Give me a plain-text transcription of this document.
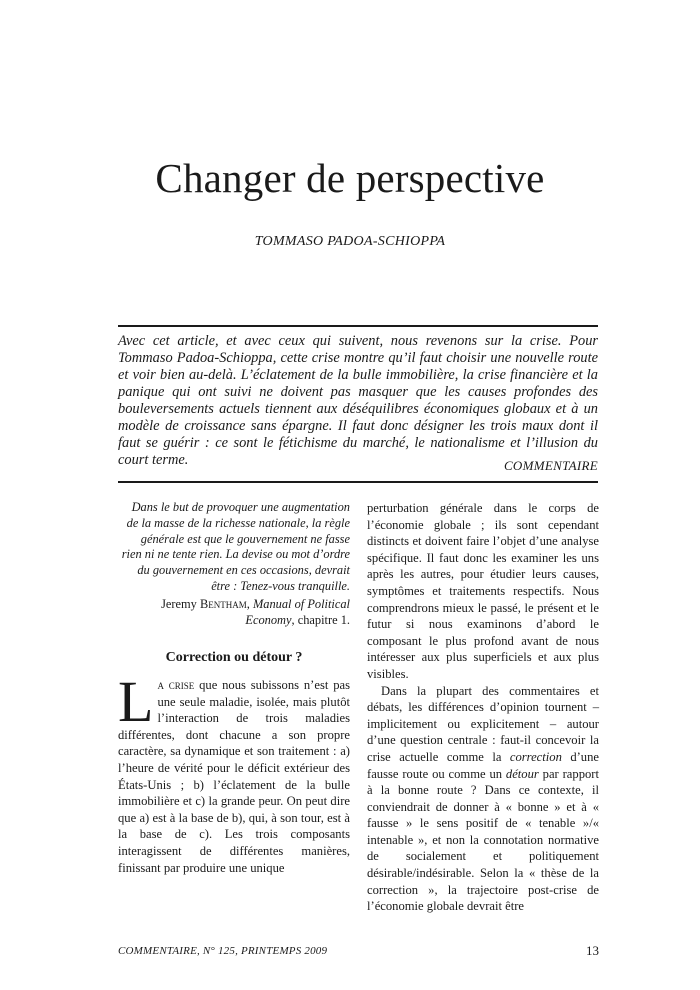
Changer de perspective
TOMMASO PADOA-SCHIOPPA

Avec cet article, et avec ceux qui suivent, nous revenons sur la crise. Pour Tommaso Padoa-Schioppa, cette crise montre qu’il faut choisir une nouvelle route et voir bien au-delà. L’éclatement de la bulle immobilière, la crise financière et la panique qui ont suivi ne doivent pas masquer que les causes profondes des bouleversements actuels tiennent aux déséquilibres économiques globaux et à un modèle de croissance sans épargne. Il faut donc désigner les trois maux dont il faut se guérir : ce sont le fétichisme du marché, le nationalisme et l’illusion du court terme.	COMMENTAIRE

Dans le but de provoquer une augmentation de la masse de la richesse nationale, la règle générale est que le gouvernement ne fasse rien ni ne tente rien. La devise ou mot d’ordre du gouvernement en ces occasions, devrait être : Tenez-vous tranquille.

Jeremy Bentham, Manual of Political Economy, chapitre 1.

Correction ou détour ?

La crise que nous subissons n’est pas une seule maladie, isolée, mais plutôt l’interaction de trois maladies différentes, dont chacune a son propre caractère, sa dynamique et son traitement : a) l’heure de vérité pour le déficit extérieur des États-Unis ; b) l’éclatement de la bulle immobilière et c) la grande peur. On peut dire que a) est à la base de b), qui, à son tour, est à la base de c). Les trois composants interagissent de différentes manières, finissant par produire une unique

perturbation générale dans le corps de l’économie globale ; ils sont cependant distincts et doivent faire l’objet d’une analyse spécifique. Il faut donc les examiner les uns après les autres, pour étudier leurs causes, symptômes et traitements respectifs. Nous comprendrons mieux le passé, le présent et le futur si nous examinons d’abord le composant le plus profond avant de nous intéresser aux plus superficiels et aux plus visibles.

Dans la plupart des commentaires et débats, les différences d’opinion tournent – implicitement ou explicitement – autour d’une question centrale : faut-il concevoir la crise actuelle comme la correction d’une fausse route ou comme un détour par rapport à la bonne route ? Dans ce contexte, il conviendrait de donner à « bonne » et à « fausse » le sens positif de « tenable »/« intenable », et non la connotation normative de socialement et politiquement désirable/indésirable. Selon la « thèse de la correction », la trajectoire post-crise de l’économie globale devrait être

COMMENTAIRE, N° 125, PRINTEMPS 2009	13
